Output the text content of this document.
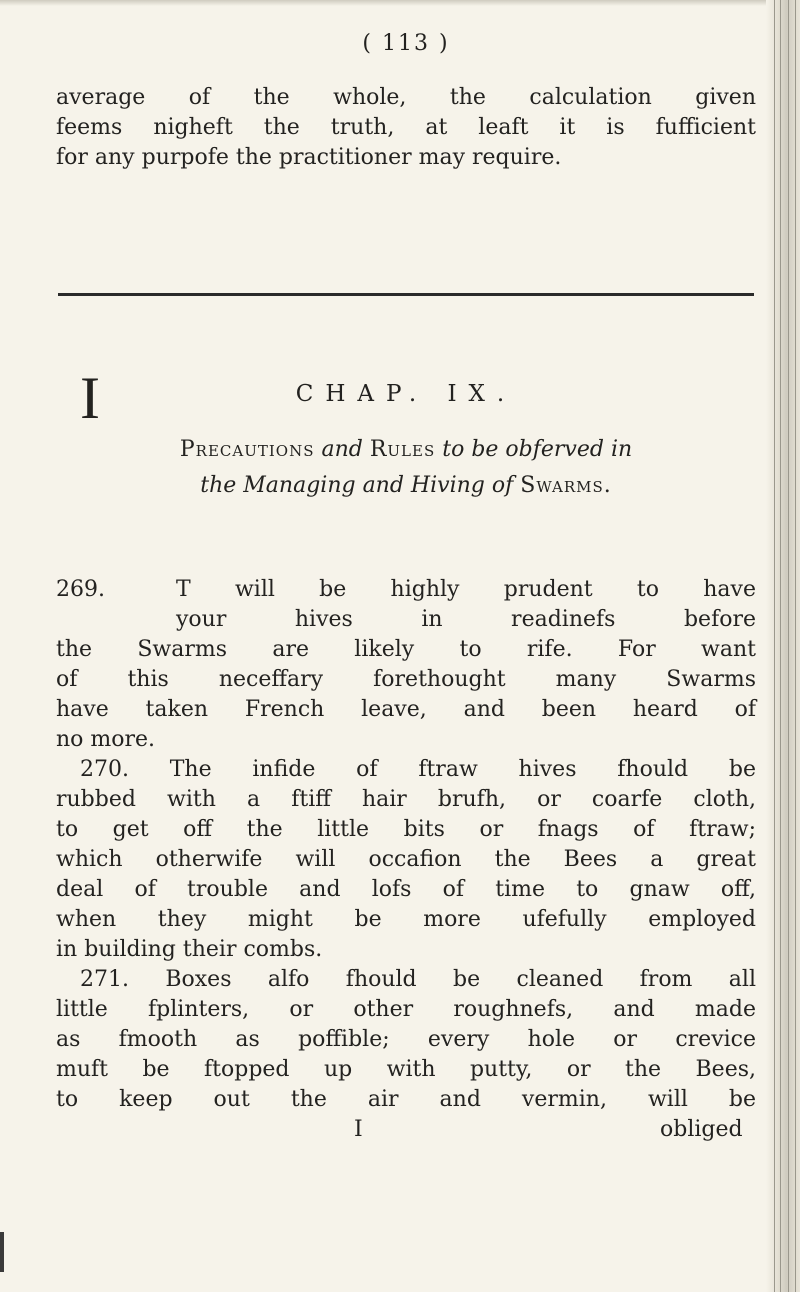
( 113 )
average of the whole, the calculation given
feems nigheft the truth, at leaft it is fufficient
for any purpofe the practitioner may require.
CHAP. IX.
Precautions and Rules to be obferved in
the Managing and Hiving of Swarms.
269.	T will be highly prudent to have
your hives in readinefs before
the Swarms are likely to rife. For want
of this neceffary forethought many Swarms
have taken French leave, and been heard of
no more.
270. The infide of ftraw hives fhould be
rubbed with a ftiff hair brufh, or coarfe cloth,
to get off the little bits or fnags of ftraw;
which otherwife will occafion the Bees a great
deal of trouble and lofs of time to gnaw off,
when they might be more ufefully employed
in building their combs.
271. Boxes alfo fhould be cleaned from all
little fplinters, or other roughnefs, and made
as fmooth as poffible; every hole or crevice
muft be ftopped up with putty, or the Bees,
to keep out the air and vermin, will be
I	obliged
I
